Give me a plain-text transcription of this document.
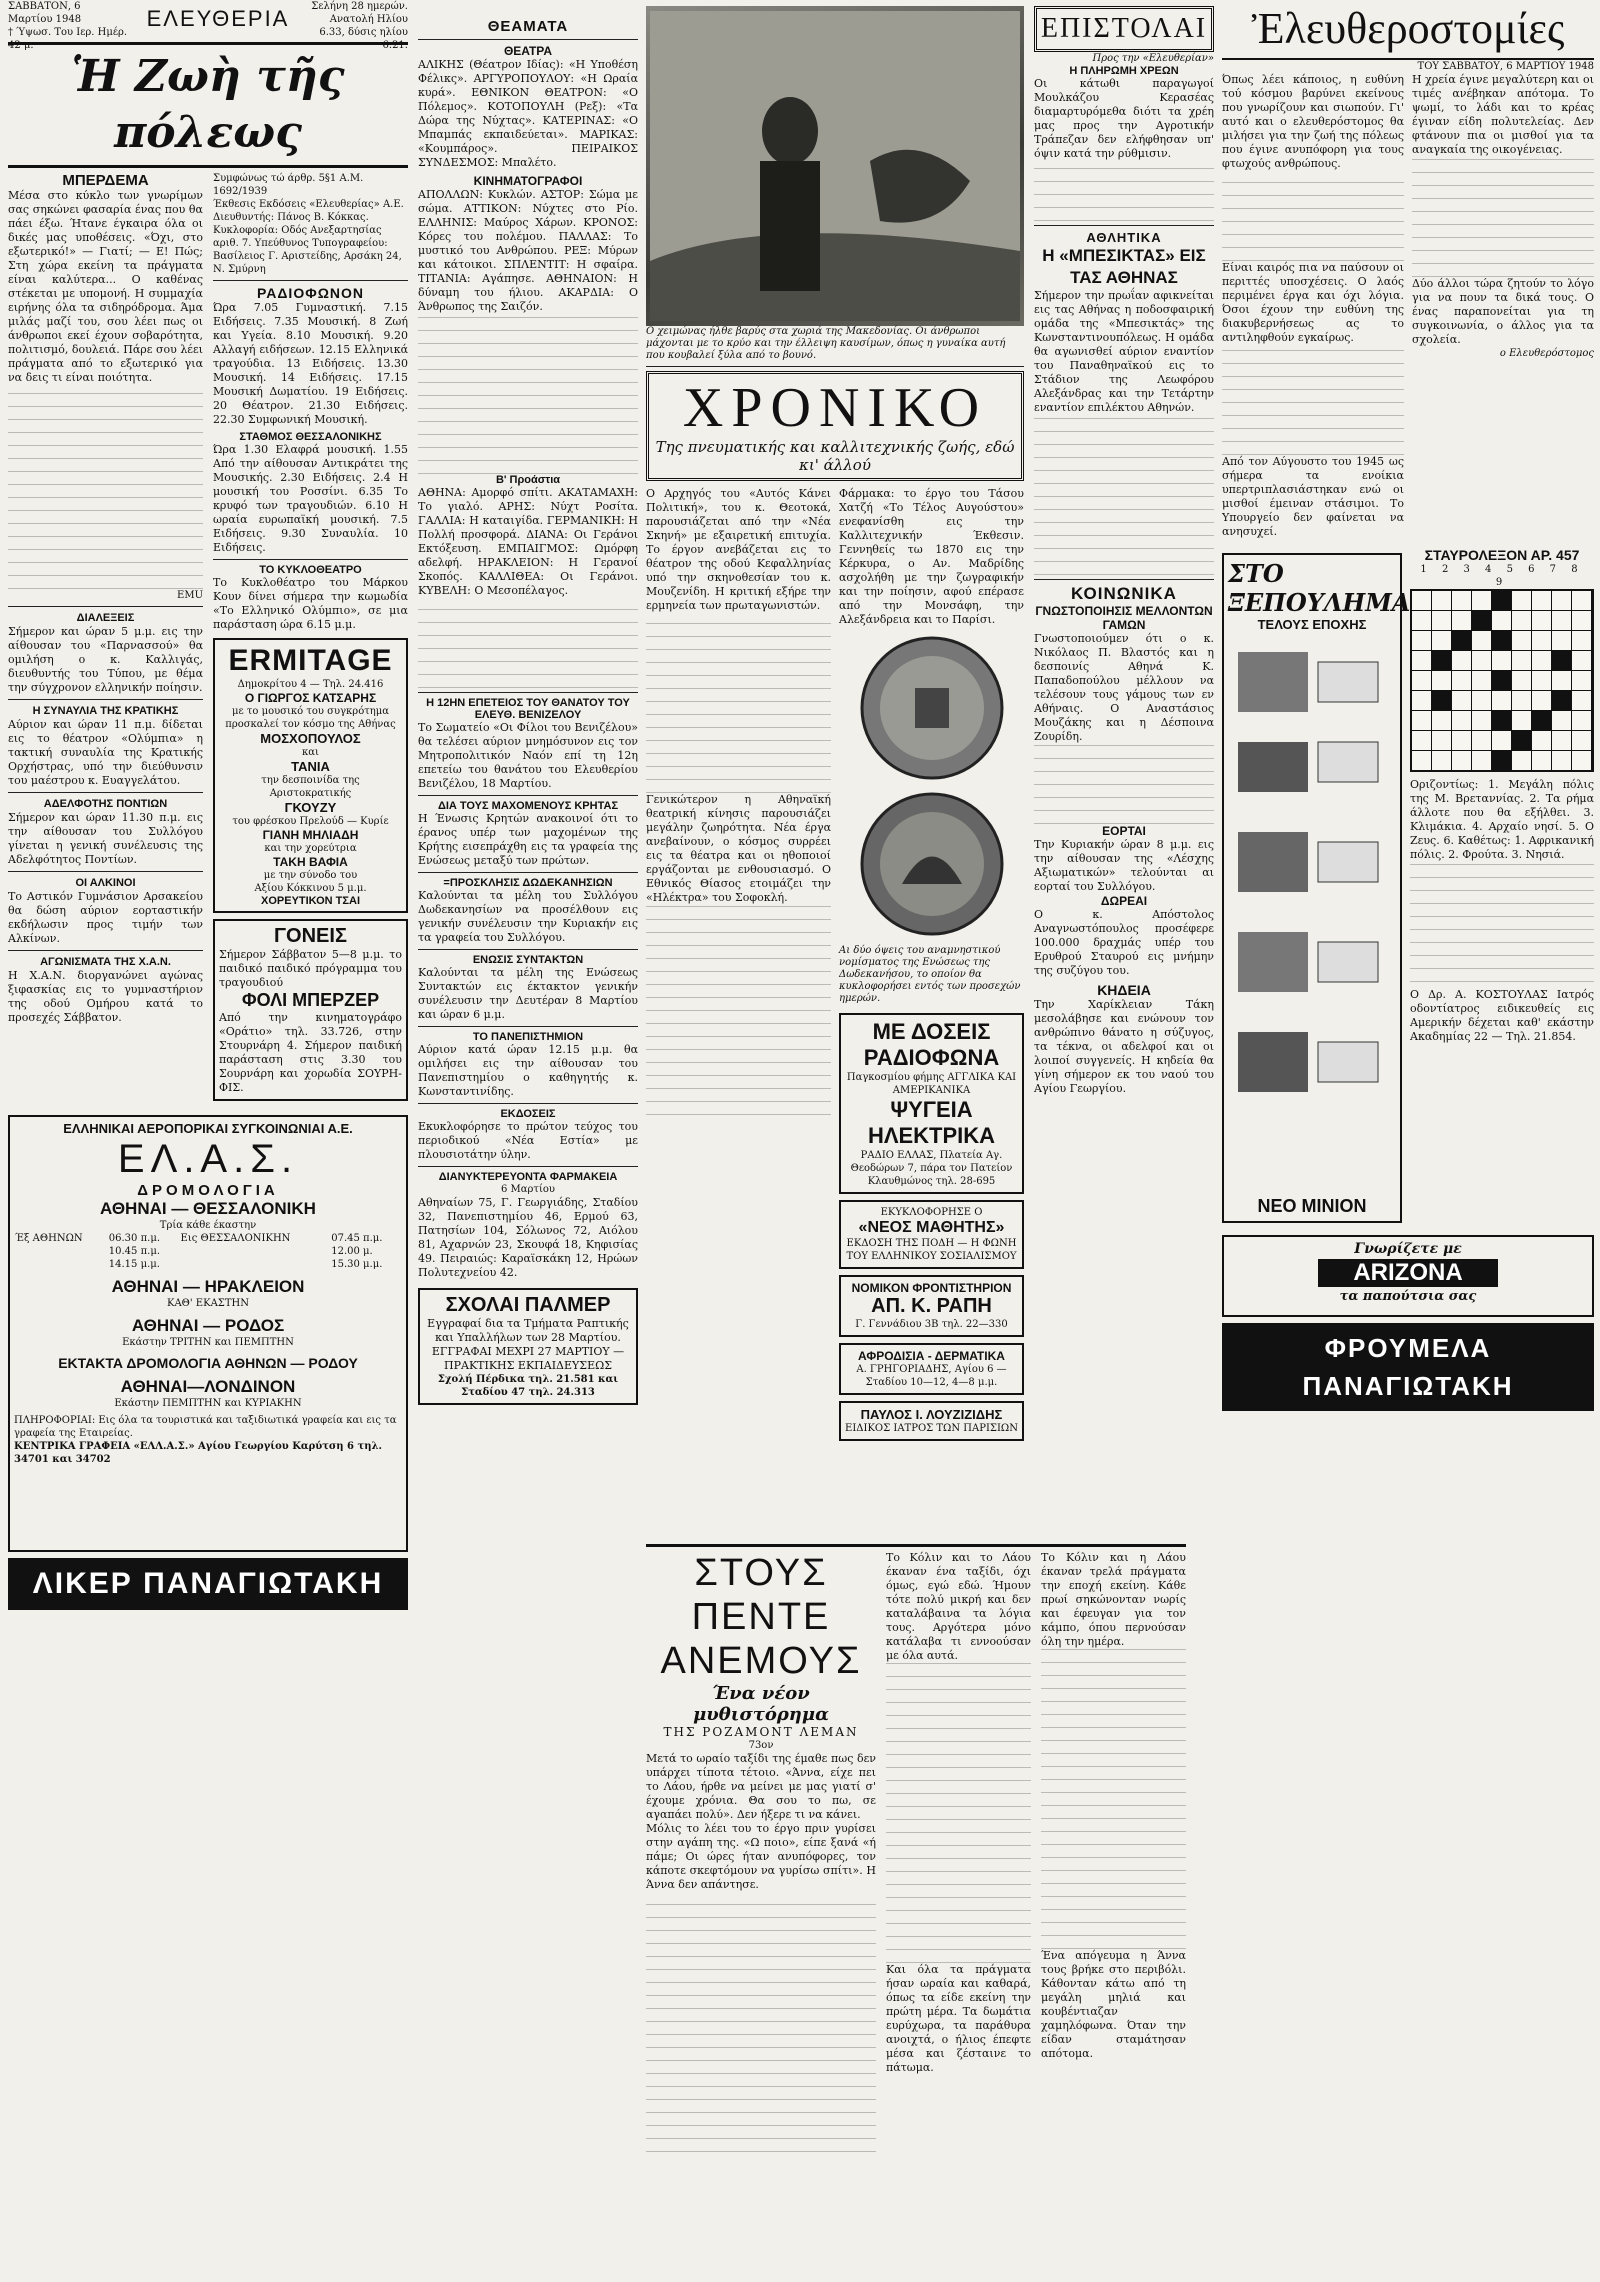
ΣΑΒΒΑΤΟΝ, 6 Μαρτίου 1948
† Ύψωσ. Του Ιερ. Ημέρ. 42 μ.
ΕΛΕΥΘΕΡΙΑ	Σελήνη 28 ημερών. Ανατολή Ηλίου 6.33, δύσις ηλίου 6.21.
Ἡ Ζωὴ τῆς πόλεως
ΜΠΕΡΔΕΜΑ
Μέσα στο κύκλο των γνωρίμων σας σηκώνει φασαρία ένας που θα πάει έξω. Ήτανε έγκαιρα όλα οι δικές μας υποθέσεις. «Όχι, στο εξωτερικό!» — Γιατί; — Ε! Πώς; Στη χώρα εκείνη τα πράγματα είναι καλύτερα... Ο καθένας στέκεται με υπομονή. Η συμμαχία ειρήνης όλα τα σιδηρόδρομα. Άμα μιλάς μαζί του, σου λέει πως οι άνθρωποι εκεί έχουν σοβαρότητα, πολιτισμό, δουλειά. Πάρε σου λέει πράγματα από το εξωτερικό για να δεις τι είναι ποιότητα.
EMU
ΔΙΑΛΕΞΕΙΣ
Σήμερον και ώραν 5 μ.μ. εις την αίθουσαν του «Παρνασσού» θα ομιλήση ο κ. Καλλιγάς, διευθυντής του Τύπου, με θέμα την σύγχρονον ελληνικήν ποίησιν.
Η ΣΥΝΑΥΛΙΑ ΤΗΣ ΚΡΑΤΙΚΗΣ
Αύριον και ώραν 11 π.μ. δίδεται εις το θέατρον «Ολύμπια» η τακτική συναυλία της Κρατικής Ορχήστρας, υπό την διεύθυνσιν του μαέστρου κ. Ευαγγελάτου.
ΑΔΕΛΦΟΤΗΣ ΠΟΝΤΙΩΝ
Σήμερον και ώραν 11.30 π.μ. εις την αίθουσαν του Συλλόγου γίνεται η γενική συνέλευσις της Αδελφότητος Ποντίων.
ΟΙ ΑΛΚΙΝΟΙ
Το Αστικόν Γυμνάσιον Αρσακείου θα δώση αύριον εορταστικήν εκδήλωσιν προς τιμήν των Αλκίνων.
ΑΓΩΝΙΣΜΑΤΑ ΤΗΣ Χ.Α.Ν.
Η Χ.Α.Ν. διοργανώνει αγώνας ξιφασκίας εις το γυμναστήριον της οδού Ομήρου κατά το προσεχές Σάββατον.
Συμφώνως τώ άρθρ. 5§1 Α.Μ. 1692/1939
Έκθεσις Εκδόσεις «Ελευθερίας» Α.Ε. Διευθυντής: Πάνος Β. Κόκκας. Κυκλοφορία: Οδός Ανεξαρτησίας αριθ. 7. Υπεύθυνος Τυπογραφείου: Βασίλειος Γ. Αριστείδης, Αρσάκη 24, Ν. Σμύρνη
ΡΑΔΙΟΦΩΝΟΝ
Ώρα 7.05 Γυμναστική. 7.15 Ειδήσεις. 7.35 Μουσική. 8 Ζωή και Υγεία. 8.10 Μουσική. 9.20 Αλλαγή ειδήσεων. 12.15 Ελληνικά τραγούδια. 13 Ειδήσεις. 13.30 Μουσική. 14 Ειδήσεις. 17.15 Μουσική Δωματίου. 19 Ειδήσεις. 20 Θέατρον. 21.30 Ειδήσεις. 22.30 Συμφωνική Μουσική.
ΣΤΑΘΜΟΣ ΘΕΣΣΑΛΟΝΙΚΗΣ
Ώρα 1.30 Ελαφρά μουσική. 1.55 Από την αίθουσαν Αντικράτει της Μουσικής. 2.30 Ειδήσεις. 2.4 Η μουσική του Ροσσίνι. 6.35 Το κρυφό των τραγουδιών. 6.10 Η ωραία ευρωπαϊκή μουσική. 7.5 Ειδήσεις. 9.30 Συναυλία. 10 Ειδήσεις.
ΤΟ ΚΥΚΛΟΘΕΑΤΡΟ
Το Κυκλοθέατρο του Μάρκου Κουν δίνει σήμερα την κωμωδία «Το Ελληνικό Ολύμπιο», σε μια παράσταση ώρα 6.15 μ.μ.
ERMITAGE
Δημοκρίτου 4 — Τηλ. 24.416
Ο ΓΙΩΡΓΟΣ ΚΑΤΣΑΡΗΣ
με το μουσικό του συγκρότημα προσκαλεί τον κόσμο της Αθήνας
ΜΟΣΧΟΠΟΥΛΟΣ
και
ΤΑΝΙΑ
την δεσποινίδα της Αριστοκρατικής
ΓΚΟΥΖΥ
του φρέσκου Πρελούδ — Κυρίε
ΓΙΑΝΗ ΜΗΛΙΑΔΗ
και την χορεύτρια
ΤΑΚΗ ΒΑΦΙΑ
με την σύνοδο του
Αξίου Κόκκινου 5 μ.μ.
ΧΟΡΕΥΤΙΚΟΝ ΤΣΑΙ
ΓΟΝΕΙΣ
Σήμερον Σάββατον 5—8 μ.μ. το παιδικό παιδικό πρόγραμμα του τραγουδιού
ΦΟΛΙ ΜΠΕΡΖΕΡ
Από την κινηματογράφο «Οράτιο» τηλ. 33.726, στην Στουρνάρη 4. Σήμερον παιδική παράσταση στις 3.30 του Σουρνάρη και χορωδία ΣΟΥΡΗ-ΦΙΣ.
ΕΛΛΗΝΙΚΑΙ ΑΕΡΟΠΟΡΙΚΑΙ ΣΥΓΚΟΙΝΩΝΙΑΙ Α.Ε.
ΕΛ.Α.Σ.
ΔΡΟΜΟΛΟΓΙΑ
ΑΘΗΝΑΙ — ΘΕΣΣΑΛΟΝΙΚΗ
Τρία κάθε έκαστην
Έξ ΑΘΗΝΩΝ	06.30 π.μ.	Εις ΘΕΣΣΑΛΟΝΙΚΗΝ	07.45 π.μ.
	10.45 π.μ.		12.00 μ.
	14.15 μ.μ.		15.30 μ.μ.
ΑΘΗΝΑΙ — ΗΡΑΚΛΕΙΟΝ
ΚΑΘ' ΕΚΑΣΤΗΝ
ΑΘΗΝΑΙ — ΡΟΔΟΣ
Εκάστην ΤΡΙΤΗΝ και ΠΕΜΠΤΗΝ
ΕΚΤΑΚΤΑ ΔΡΟΜΟΛΟΓΙΑ ΑΘΗΝΩΝ — ΡΟΔΟΥ
ΑΘΗΝΑΙ—ΛΟΝΔΙΝΟΝ
Εκάστην ΠΕΜΠΤΗΝ και ΚΥΡΙΑΚΗΝ
ΠΛΗΡΟΦΟΡΙΑΙ: Εις όλα τα τουριστικά και ταξιδιωτικά γραφεία και εις τα γραφεία της Εταιρείας.
ΚΕΝΤΡΙΚΑ ΓΡΑΦΕΙΑ «ΕΛΛ.Α.Σ.» Αγίου Γεωργίου Καρύτση 6 τηλ. 34701 και 34702
ΛΙΚΕΡ ΠΑΝΑΓΙΩΤΑΚΗ
ΘΕΑΜΑΤΑ
ΘΕΑΤΡΑ
ΑΛΙΚΗΣ (Θέατρον Ιδίας): «Η Υποθέση Φέλικς». ΑΡΓΥΡΟΠΟΥΛΟΥ: «Η Ωραία κυρά». ΕΘΝΙΚΟΝ ΘΕΑΤΡΟΝ: «Ο Πόλεμος». ΚΟΤΟΠΟΥΛΗ (Ρεξ): «Τα Δώρα της Νύχτας». ΚΑΤΕΡΙΝΑΣ: «Ο Μπαμπάς εκπαιδεύεται». ΜΑΡΙΚΑΣ: «Κουμπάρος». ΠΕΙΡΑΙΚΟΣ ΣΥΝΔΕΣΜΟΣ: Μπαλέτο.
ΚΙΝΗΜΑΤΟΓΡΑΦΟΙ
ΑΠΟΛΛΩΝ: Κυκλών. ΑΣΤΟΡ: Σώμα με σώμα. ΑΤΤΙΚΟΝ: Νύχτες στο Ρίο. ΕΛΛΗΝΙΣ: Μαύρος Χάρων. ΚΡΟΝΟΣ: Κόρες του πολέμου. ΠΑΛΛΑΣ: Το μυστικό του Ανθρώπου. ΡΕΞ: Μύρων και κάτοικοι. ΣΠΛΕΝΤΙΤ: Η σφαίρα. ΤΙΤΑΝΙΑ: Αγάπησε. ΑΘΗΝΑΙΟΝ: Η δύναμη του ήλιου. ΑΚΑΡΔΙΑ: Ο Άνθρωπος της Σαιζόν.
Β' Προάστια
ΑΘΗΝΑ: Αμορφό σπίτι. ΑΚΑΤΑΜΑΧΗ: Το γιαλό. ΑΡΗΣ: Νύχτ Ροσίτα. ΓΑΛΛΙΑ: Η καταιγίδα. ΓΕΡΜΑΝΙΚΗ: Η Πολλή προσφορά. ΔΙΑΝΑ: Οι Γεράνοι Εκτόξευση. ΕΜΠΑΙΓΜΟΣ: Ωμόρφη αδελφή. ΗΡΑΚΛΕΙΟΝ: Η Γερανοί Σκοπός. ΚΑΛΛΙΘΕΑ: Οι Γεράνοι. ΚΥΒΕΛΗ: Ο Μεσοπέλαγος.
Η 12ΗΝ ΕΠΕΤΕΙΟΣ ΤΟΥ ΘΑΝΑΤΟΥ ΤΟΥ ΕΛΕΥΘ. ΒΕΝΙΖΕΛΟΥ
Το Σωματείο «Οι Φίλοι του Βενιζέλου» θα τελέσει αύριον μνημόσυνον εις τον Μητροπολιτικόν Ναόν επί τη 12η επετείω του θανάτου του Ελευθερίου Βενιζέλου, 18 Μαρτίου.
ΔΙΑ ΤΟΥΣ ΜΑΧΟΜΕΝΟΥΣ ΚΡΗΤΑΣ
Η Ένωσις Κρητών ανακοινοί ότι το έρανος υπέρ των μαχομένων της Κρήτης εισεπράχθη εις τα γραφεία της Ενώσεως μεταξύ των πρώτων.
=ΠΡΟΣΚΛΗΣΙΣ ΔΩΔΕΚΑΝΗΣΙΩΝ
Καλούνται τα μέλη του Συλλόγου Δωδεκανησίων να προσέλθουν εις γενικήν συνέλευσιν την Κυριακήν εις τα γραφεία του Συλλόγου.
ΕΝΩΣΙΣ ΣΥΝΤΑΚΤΩΝ
Καλούνται τα μέλη της Ενώσεως Συντακτών εις έκτακτον γενικήν συνέλευσιν την Δευτέραν 8 Μαρτίου και ώραν 6 μ.μ.
ΤΟ ΠΑΝΕΠΙΣΤΗΜΙΟΝ
Αύριον κατά ώραν 12.15 μ.μ. θα ομιλήσει εις την αίθουσαν του Πανεπιστημίου ο καθηγητής κ. Κωνσταντινίδης.
ΕΚΔΟΣΕΙΣ
Εκυκλοφόρησε το πρώτον τεύχος του περιοδικού «Νέα Εστία» με πλουσιοτάτην ύλην.
ΔΙΑΝΥΚΤΕΡΕΥΟΝΤΑ ΦΑΡΜΑΚΕΙΑ
6 Μαρτίου
Αθηναίων 75, Γ. Γεωργιάδης, Σταδίου 32, Πανεπιστημίου 46, Ερμού 63, Πατησίων 104, Σόλωνος 72, Αιόλου 81, Αχαρνών 23, Σκουφά 18, Κηφισίας 49. Πειραιώς: Καραϊσκάκη 12, Ηρώων Πολυτεχνείου 42.
ΣΧΟΛΑΙ ΠΑΛΜΕΡ
Εγγραφαί δια τα Τμήματα Ραπτικής και Υπαλλήλων των 28 Μαρτίου. ΕΓΓΡΑΦΑΙ ΜΕΧΡΙ 27 ΜΑΡΤΙΟΥ — ΠΡΑΚΤΙΚΗΣ ΕΚΠΑΙΔΕΥΣΕΩΣ
Σχολή Πέρδικα τηλ. 21.581 και Σταδίου 47 τηλ. 24.313
Ο χειμώνας ήλθε βαρύς στα χωριά της Μακεδονίας. Οι άνθρωποι μάχονται με το κρύο και την έλλειψη καυσίμων, όπως η γυναίκα αυτή που κουβαλεί ξύλα από το βουνό.
ΧΡΟΝΙΚΟ
Της πνευματικής και καλλιτεχνικής ζωής, εδώ κι' άλλού
Ο Αρχηγός του «Αυτός Κάνει Πολιτική», του κ. Θεοτοκά, παρουσιάζεται από την «Νέα Σκηνή» με εξαιρετική επιτυχία. Το έργον ανεβάζεται εις το θέατρον της οδού Κεφαλληνίας υπό την σκηνοθεσίαν του κ. Μουζενίδη. Η κριτική εξήρε την ερμηνεία των πρωταγωνιστών.
Γενικώτερον η Αθηναϊκή θεατρική κίνησις παρουσιάζει μεγάλην ζωηρότητα. Νέα έργα ανεβαίνουν, ο κόσμος συρρέει εις τα θέατρα και οι ηθοποιοί εργάζονται με ενθουσιασμό. Ο Εθνικός Θίασος ετοιμάζει την «Ηλέκτρα» του Σοφοκλή.
Φάρμακα: το έργο του Τάσου Χατζή «Το Τέλος Αυγούστου» ενεφανίσθη εις την Καλλιτεχνικήν Έκθεσιν. Γεννηθείς τω 1870 εις την Κέρκυρα, ο Αν. Μαδρίδης ασχολήθη με την ζωγραφικήν και την ποίησιν, αφού επέρασε από την Μονσάφη, την Αλεξάνδρεια και το Παρίσι.
Αι δύο όψεις του αναμνηστικού νομίσματος της Ενώσεως της Δωδεκανήσου, το οποίον θα κυκλοφορήσει εντός των προσεχών ημερών.
ΜΕ ΔΟΣΕΙΣ ΡΑΔΙΟΦΩΝΑ
Παγκοσμίου φήμης ΑΓΓΛΙΚΑ ΚΑΙ ΑΜΕΡΙΚΑΝΙΚΑ
ΨΥΓΕΙΑ ΗΛΕΚΤΡΙΚΑ
ΡΑΔΙΟ ΕΛΛΑΣ, Πλατεία Αγ. Θεοδώρων 7, πάρα τον Πατείον Κλαυθμώνος τηλ. 28-695
ΕΚΥΚΛΟΦΟΡΗΣΕ Ο
«ΝΕΟΣ ΜΑΘΗΤΗΣ»
ΕΚΔΟΣΗ ΤΗΣ ΠΟΔΗ — Η ΦΩΝΗ ΤΟΥ ΕΛΛΗΝΙΚΟΥ ΣΟΣΙΑΛΙΣΜΟΥ
ΝΟΜΙΚΟΝ ΦΡΟΝΤΙΣΤΗΡΙΟΝ
ΑΠ. Κ. ΡΑΠΗ
Γ. Γεννάδιου 3Β τηλ. 22—330
ΑΦΡΟΔΙΣΙΑ - ΔΕΡΜΑΤΙΚΑ
Α. ΓΡΗΓΟΡΙΑΔΗΣ, Αγίου 6 — Σταδίου 10—12, 4—8 μ.μ.
ΠΑΥΛΟΣ Ι. ΛΟΥΖΙΖΙΔΗΣ
ΕΙΔΙΚΟΣ ΙΑΤΡΟΣ ΤΩΝ ΠΑΡΙΣΙΩΝ
ΣΤΟΥΣ ΠΕΝΤΕ ΑΝΕΜΟΥΣ
Ένα νέον μυθιστόρημα
ΤΗΣ ΡΟΖΑΜΟΝΤ ΛΕΜΑΝ
73ον
Μετά το ωραίο ταξίδι της έμαθε πως δεν υπάρχει τίποτα τέτοιο. «Άννα, είχε πει το Λάου, ήρθε να μείνει με μας γιατί σ' έχουμε χρόνια. Θα σου το πω, σε αγαπάει πολύ». Δεν ήξερε τι να κάνει.
Μόλις το λέει του το έργο πριν γυρίσει στην αγάπη της. «Ω ποιο», είπε ξανά «ή πάμε; Οι ώρες ήταν ανυπόφορες, τον κάποτε σκεφτόμουν να γυρίσω σπίτι». Η Άννα δεν απάντησε.
Το Κόλιν και το Λάου έκαναν ένα ταξίδι, όχι όμως, εγώ εδώ. Ήμουν τότε πολύ μικρή και δεν καταλάβαινα τα λόγια τους. Αργότερα μόνο κατάλαβα τι εννοούσαν με όλα αυτά.
Και όλα τα πράγματα ήσαν ωραία και καθαρά, όπως τα είδε εκείνη την πρώτη μέρα. Τα δωμάτια ευρύχωρα, τα παράθυρα ανοιχτά, ο ήλιος έπεφτε μέσα και ζέσταινε το πάτωμα.
Το Κόλιν και η Λάου έκαναν τρελά πράγματα την εποχή εκείνη. Κάθε πρωί σηκώνονταν νωρίς και έφευγαν για τον κάμπο, όπου περνούσαν όλη την ημέρα.
Ένα απόγευμα η Άννα τους βρήκε στο περιβόλι. Κάθονταν κάτω από τη μεγάλη μηλιά και κουβέντιαζαν χαμηλόφωνα. Όταν την είδαν σταμάτησαν απότομα.
ΕΠΙΣΤΟΛΑΙ
Προς την «Ελευθερίαν»
Η ΠΛΗΡΩΜΗ ΧΡΕΩΝ
Οι κάτωθι παραγωγοί Μουλκάζου Κερασέας διαμαρτυρόμεθα διότι τα χρέη μας προς την Αγροτικήν Τράπεζαν δεν ελήφθησαν υπ' όψιν κατά την ρύθμισιν.
ΑΘΛΗΤΙΚΑ
Η «ΜΠΕΣΙΚΤΑΣ» ΕΙΣ ΤΑΣ ΑΘΗΝΑΣ
Σήμερον την πρωΐαν αφικνείται εις τας Αθήνας η ποδοσφαιρική ομάδα της «Μπεσικτάς» της Κωνσταντινουπόλεως. Η ομάδα θα αγωνισθεί αύριον εναντίον του Παναθηναϊκού εις το Στάδιον της Λεωφόρου Αλεξάνδρας και την Τετάρτην εναντίον επιλέκτου Αθηνών.
ΚΟΙΝΩΝΙΚΑ
ΓΝΩΣΤΟΠΟΙΗΣΙΣ ΜΕΛΛΟΝΤΩΝ ΓΑΜΩΝ
Γνωστοποιούμεν ότι ο κ. Νικόλαος Π. Βλαστός και η δεσποινίς Αθηνά Κ. Παπαδοπούλου μέλλουν να τελέσουν τους γάμους των εν Αθήναις. Ο Αναστάσιος Μουζάκης και η Δέσποινα Ζουρίδη.
ΕΟΡΤΑΙ
Την Κυριακήν ώραν 8 μ.μ. εις την αίθουσαν της «Λέσχης Αξιωματικών» τελούνται αι εορταί του Συλλόγου.
ΔΩΡΕΑΙ
Ο κ. Απόστολος Αναγνωστόπουλος προσέφερε 100.000 δραχμάς υπέρ του Ερυθρού Σταυρού εις μνήμην της συζύγου του.
ΚΗΔΕΙΑ
Την Χαρίκλειαν Τάκη μεσολάβησε και ενώνουν τον ανθρώπινο θάνατο η σύζυγος, τα τέκνα, οι αδελφοί και οι λοιποί συγγενείς. Η κηδεία θα γίνη σήμερον εκ του ναού του Αγίου Γεωργίου.
Ἐλευθεροστομίες
ΤΟΥ ΣΑΒΒΑΤΟΥ, 6 ΜΑΡΤΙΟΥ 1948
Όπως λέει κάποιος, η ευθύνη τού κόσμου βαρύνει εκείνους που γνωρίζουν και σιωπούν. Γι' αυτό και ο ελευθερόστομος θα μιλήσει για την ζωή της πόλεως που έγινε ανυπόφορη για τους φτωχούς ανθρώπους.
Είναι καιρός πια να παύσουν οι περιττές υποσχέσεις. Ο λαός περιμένει έργα και όχι λόγια. Όσοι έχουν την ευθύνη της διακυβερνήσεως ας το αντιληφθούν εγκαίρως.
Από τον Αύγουστο του 1945 ως σήμερα τα ενοίκια υπερτριπλασιάστηκαν ενώ οι μισθοί έμειναν στάσιμοι. Το Υπουργείο δεν φαίνεται να ανησυχεί.
Η χρεία έγινε μεγαλύτερη και οι τιμές ανέβηκαν απότομα. Το ψωμί, το λάδι και το κρέας έγιναν είδη πολυτελείας. Δεν φτάνουν πια οι μισθοί για τα αναγκαία της οικογένειας.
Δύο άλλοι τώρα ζητούν το λόγο για να πουν τα δικά τους. Ο ένας παραπονείται για τη συγκοινωνία, ο άλλος για τα σχολεία.
ο Ελευθερόστομος
ΣΤΟ ΞΕΠΟΥΛΗΜΑ
ΤΕΛΟΥΣ ΕΠΟΧΗΣ
ΝΕΟ ΜΙΝΙΟΝ
ΣΤΑΥΡΟΛΕΞΟΝ ΑΡ. 457
1 2 3 4 5 6 7 8 9
Οριζοντίως: 1. Μεγάλη πόλις της Μ. Βρεταννίας. 2. Τα ρήμα άλλοτε που θα εξήλθει. 3. Κλιμάκια. 4. Αρχαίο νησί. 5. Ο Ζευς. 6. Καθέτως: 1. Αφρικανική πόλις. 2. Φρούτα. 3. Νησιά.
Ο Δρ. Α. ΚΟΣΤΟΥΛΑΣ Ιατρός οδοντίατρος ειδικευθείς εις Αμερικήν δέχεται καθ' εκάστην Ακαδημίας 22 — Τηλ. 21.854.
Γνωρίζετε με
ARIZONA
τα παπούτσια σας
ΦΡΟΥΜΕΛΑ ΠΑΝΑΓΙΩΤΑΚΗ
